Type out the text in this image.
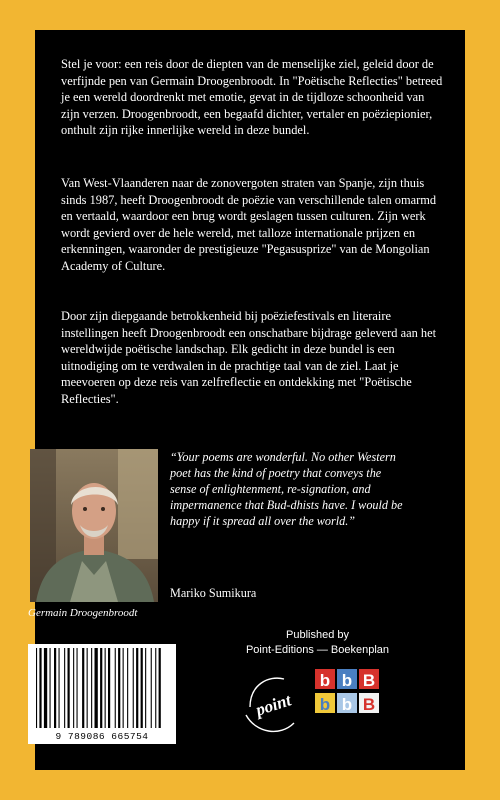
Stel je voor: een reis door de diepten van de menselijke ziel, geleid door de verfijnde pen van Germain Droogenbroodt. In "Poëtische Reflecties" betreed je een wereld doordrenkt met emotie, gevat in de tijdloze schoonheid van zijn verzen. Droogenbroodt, een begaafd dichter, vertaler en poëziepionier, onthult zijn rijke innerlijke wereld in deze bundel.

Van West-Vlaanderen naar de zonovergoten straten van Spanje, zijn thuis sinds 1987, heeft Droogenbroodt de poëzie van verschillende talen omarmd en vertaald, waardoor een brug wordt geslagen tussen culturen. Zijn werk wordt gevierd over de hele wereld, met talloze internationale prijzen en erkenningen, waaronder de prestigieuze "Pegasusprize" van de Mongolian Academy of Culture.

Door zijn diepgaande betrokkenheid bij poëziefestivals en literaire instellingen heeft Droogenbroodt een onschatbare bijdrage geleverd aan het wereldwijde poëtische landschap. Elk gedicht in deze bundel is een uitnodiging om te verdwalen in de prachtige taal van de ziel. Laat je meevoeren op deze reis van zelfreflectie en ontdekking met "Poëtische Reflecties".

Germain Droogenbroodt
“Your poems are wonderful. No other Western poet has the kind of poetry that conveys the sense of enlightenment, re-signation, and impermanence that Bud-dhists have. I would be happy if it spread all over the world.”
Mariko Sumikura
Published by
Point-Editions — Boekenplan
9 789086 665754
point
b b B
b b B
